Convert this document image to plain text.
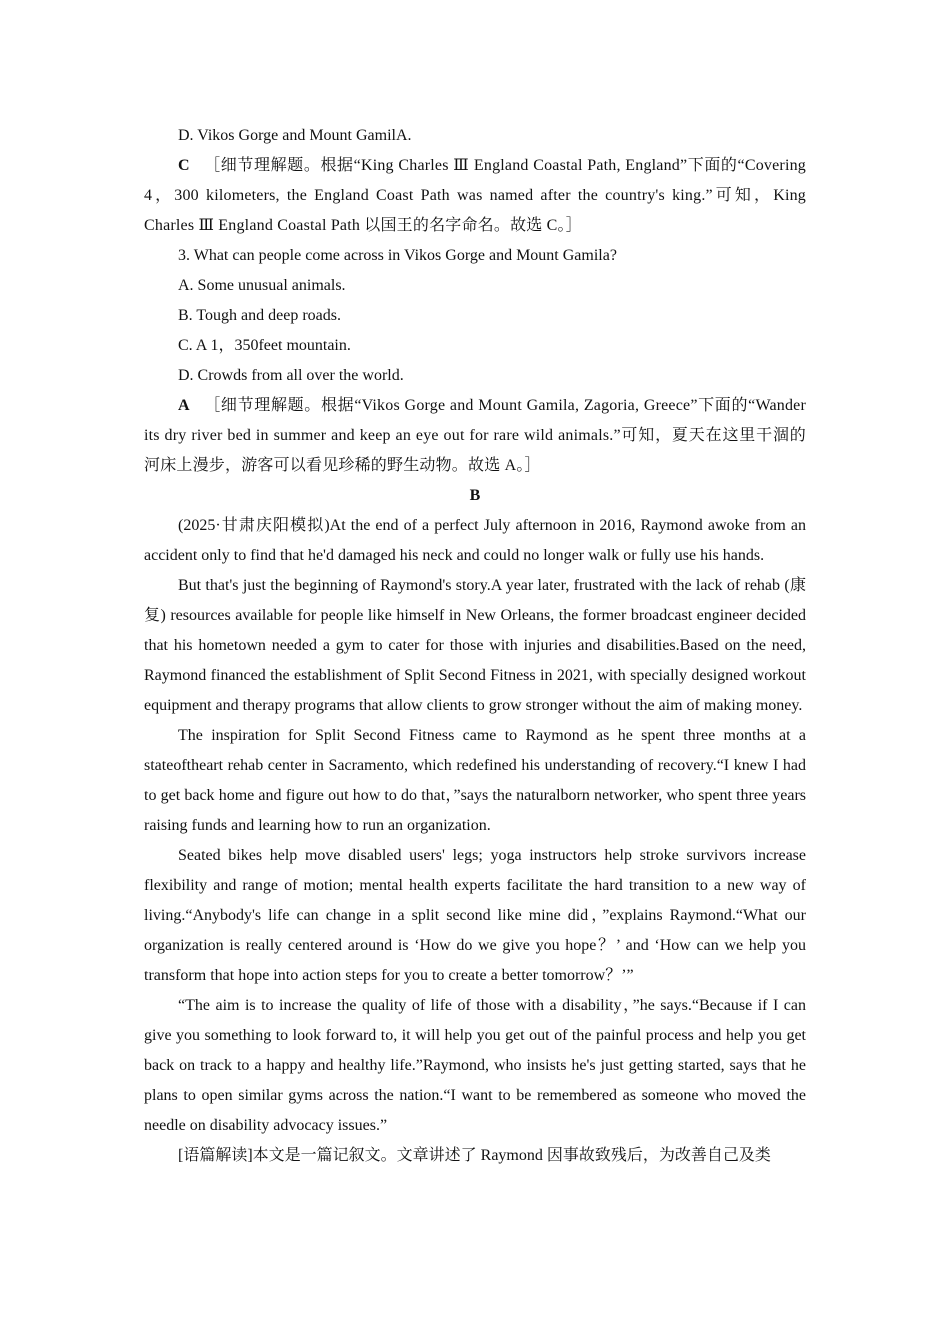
D. Vikos Gorge and Mount GamilA.

C ［细节理解题。根据“King Charles Ⅲ England Coastal Path, England”下面的“Covering 4，300 kilometers, the England Coast Path was named after the country's king.”可知，King Charles Ⅲ England Coastal Path 以国王的名字命名。故选 C。］

3. What can people come across in Vikos Gorge and Mount Gamila?

A. Some unusual animals.

B. Tough and deep roads.

C. A 1，350feet mountain.

D. Crowds from all over the world.

A ［细节理解题。根据“Vikos Gorge and Mount Gamila, Zagoria, Greece”下面的“Wander its dry river bed in summer and keep an eye out for rare wild animals.”可知，夏天在这里干涸的河床上漫步，游客可以看见珍稀的野生动物。故选 A。］

B

(2025·甘肃庆阳模拟)At the end of a perfect July afternoon in 2016, Raymond awoke from an accident only to find that he'd damaged his neck and could no longer walk or fully use his hands.

But that's just the beginning of Raymond's story.A year later, frustrated with the lack of rehab (康复) resources available for people like himself in New Orleans, the former broadcast engineer decided that his hometown needed a gym to cater for those with injuries and disabilities.Based on the need, Raymond financed the establishment of Split Second Fitness in 2021, with specially designed workout equipment and therapy programs that allow clients to grow stronger without the aim of making money.

The inspiration for Split Second Fitness came to Raymond as he spent three months at a stateoftheart rehab center in Sacramento, which redefined his understanding of recovery.“I knew I had to get back home and figure out how to do that，”says the naturalborn networker, who spent three years raising funds and learning how to run an organization.

Seated bikes help move disabled users' legs; yoga instructors help stroke survivors increase flexibility and range of motion; mental health experts facilitate the hard transition to a new way of living.“Anybody's life can change in a split second like mine did，”explains Raymond.“What our organization is really centered around is ‘How do we give you hope？’ and ‘How can we help you transform that hope into action steps for you to create a better tomorrow？’”

“The aim is to increase the quality of life of those with a disability，”he says.“Because if I can give you something to look forward to, it will help you get out of the painful process and help you get back on track to a happy and healthy life.”Raymond, who insists he's just getting started, says that he plans to open similar gyms across the nation.“I want to be remembered as someone who moved the needle on disability advocacy issues.”

[语篇解读]本文是一篇记叙文。文章讲述了 Raymond 因事故致残后，为改善自己及类
